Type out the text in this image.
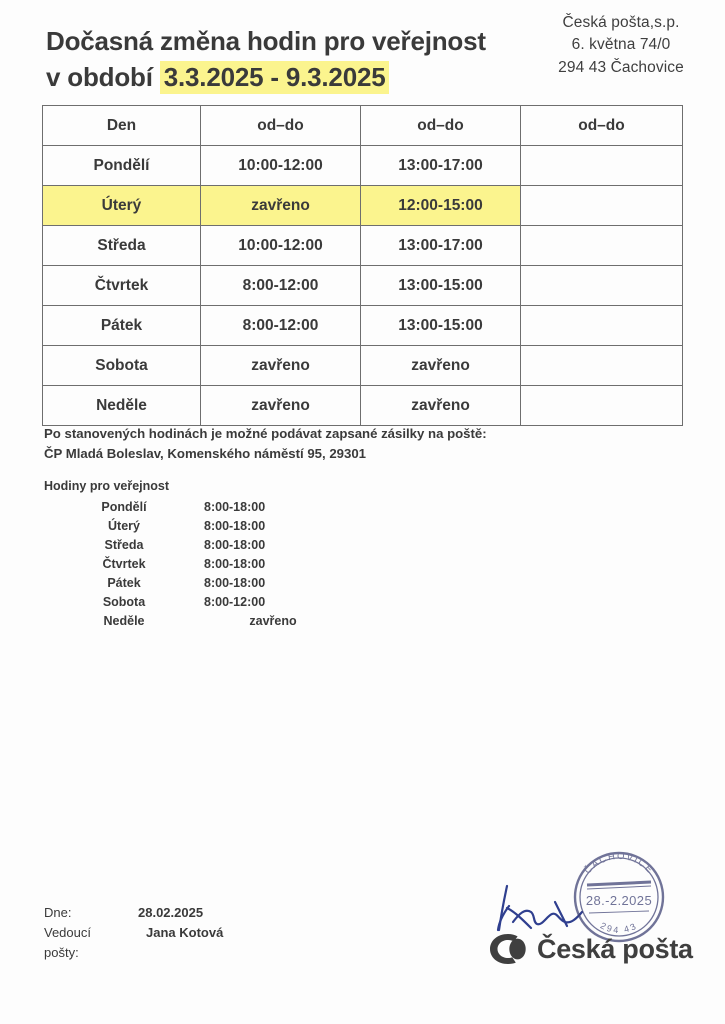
Česká pošta,s.p.
6. května 74/0
294 43 Čachovice
Dočasná změna hodin pro veřejnost
v období 3.3.2025 - 9.3.2025
Den	od–do	od–do	od–do
Pondělí	10:00-12:00	13:00-17:00	
Úterý	zavřeno	12:00-15:00	
Středa	10:00-12:00	13:00-17:00	
Čtvrtek	8:00-12:00	13:00-15:00	
Pátek	8:00-12:00	13:00-15:00	
Sobota	zavřeno	zavřeno	
Neděle	zavřeno	zavřeno	
Po stanovených hodinách je možné podávat zapsané zásilky na poště:
ČP Mladá Boleslav, Komenského náměstí 95, 29301
Hodiny pro veřejnost
Pondělí	8:00-18:00
Úterý	8:00-18:00
Středa	8:00-18:00
Čtvrtek	8:00-18:00
Pátek	8:00-18:00
Sobota	8:00-12:00
Neděle	zavřeno
Dne:	28.02.2025
Vedoucí pošty:
Jana Kotová
ČACHOVICE
294 43
28.-2.2025
Česká pošta
